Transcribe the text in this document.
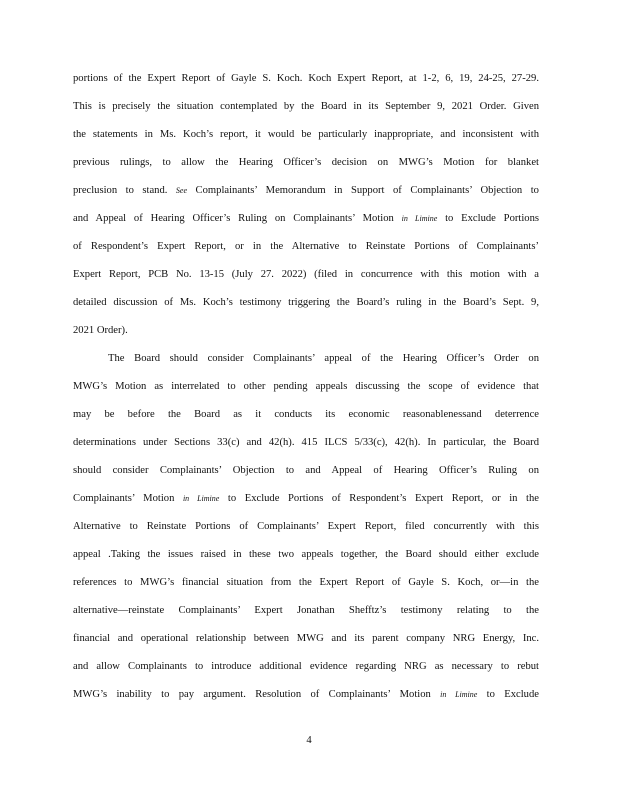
portions of the Expert Report of Gayle S. Koch. Koch Expert Report, at 1-2, 6, 19, 24-25, 27-29.
This is precisely the situation contemplated by the Board in its September 9, 2021 Order. Given
the statements in Ms. Koch’s report, it would be particularly inappropriate, and inconsistent with
previous rulings, to allow the Hearing Officer’s decision on MWG’s Motion for blanket
preclusion to stand. See Complainants’ Memorandum in Support of Complainants’ Objection to
and Appeal of Hearing Officer’s Ruling on Complainants’ Motion in Limine to Exclude Portions
of Respondent’s Expert Report, or in the Alternative to Reinstate Portions of Complainants’
Expert Report, PCB No. 13-15 (July 27. 2022) (filed in concurrence with this motion with a
detailed discussion of Ms. Koch’s testimony triggering the Board’s ruling in the Board’s Sept. 9,
2021 Order).
The Board should consider Complainants’ appeal of the Hearing Officer’s Order on
MWG’s Motion as interrelated to other pending appeals discussing the scope of evidence that
may be before the Board as it conducts its economic reasonablenessand deterrence
determinations under Sections 33(c) and 42(h). 415 ILCS 5/33(c), 42(h). In particular, the Board
should consider Complainants’ Objection to and Appeal of Hearing Officer’s Ruling on
Complainants’ Motion in Limine to Exclude Portions of Respondent’s Expert Report, or in the
Alternative to Reinstate Portions of Complainants’ Expert Report, filed concurrently with this
appeal .Taking the issues raised in these two appeals together, the Board should either exclude
references to MWG’s financial situation from the Expert Report of Gayle S. Koch, or—in the
alternative—reinstate Complainants’ Expert Jonathan Shefftz’s testimony relating to the
financial and operational relationship between MWG and its parent company NRG Energy, Inc.
and allow Complainants to introduce additional evidence regarding NRG as necessary to rebut
MWG’s inability to pay argument. Resolution of Complainants’ Motion in Limine to Exclude
4
